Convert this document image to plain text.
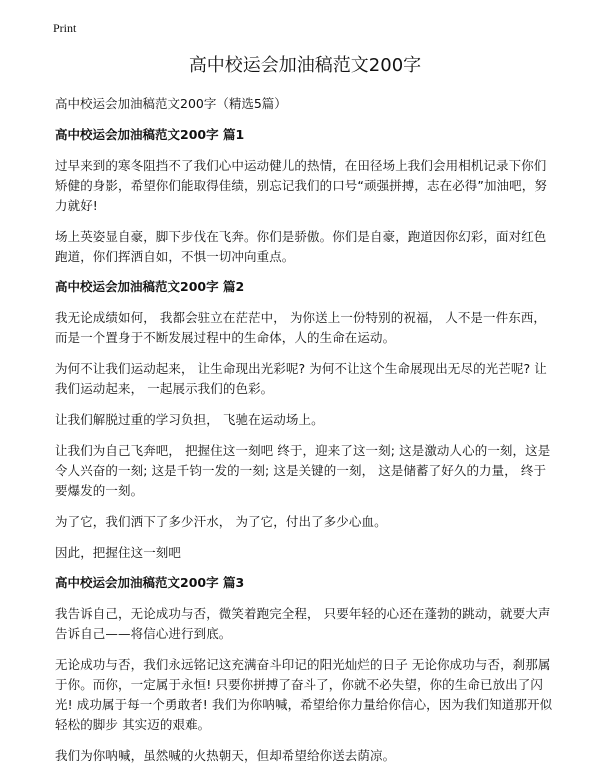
Print
高中校运会加油稿范文200字
高中校运会加油稿范文200字（精选5篇）
高中校运会加油稿范文200字 篇1

过早来到的寒冬阻挡不了我们心中运动健儿的热情，在田径场上我们会用相机记录下你们矫健的身影，希望你们能取得佳绩，别忘记我们的口号“顽强拼搏，志在必得”加油吧，努力就好!

场上英姿显自豪，脚下步伐在飞奔。你们是骄傲。你们是自豪，跑道因你幻彩，面对红色跑道，你们挥洒自如，不惧一切冲向重点。

高中校运会加油稿范文200字 篇2

我无论成绩如何， 我都会驻立在茫茫中， 为你送上一份特别的祝福， 人不是一件东西， 而是一个置身于不断发展过程中的生命体，人的生命在运动。

为何不让我们运动起来， 让生命现出光彩呢? 为何不让这个生命展现出无尽的光芒呢? 让我们运动起来， 一起展示我们的色彩。

让我们解脱过重的学习负担， 飞驰在运动场上。

让我们为自己飞奔吧， 把握住这一刻吧 终于，迎来了这一刻; 这是激动人心的一刻，这是令人兴奋的一刻; 这是千钧一发的一刻; 这是关键的一刻， 这是储蓄了好久的力量， 终于要爆发的一刻。

为了它，我们洒下了多少汗水， 为了它，付出了多少心血。

因此，把握住这一刻吧

高中校运会加油稿范文200字 篇3

我告诉自己，无论成功与否，微笑着跑完全程， 只要年轻的心还在蓬勃的跳动，就要大声告诉自己——将信心进行到底。

无论成功与否，我们永远铭记这充满奋斗印记的阳光灿烂的日子 无论你成功与否，刹那属于你。而你，一定属于永恒! 只要你拼搏了奋斗了，你就不必失望，你的生命已放出了闪光! 成功属于每一个勇敢者! 我们为你呐喊，希望给你力量给你信心，因为我们知道那开似轻松的脚步 其实迈的艰难。

我们为你呐喊，虽然喊的火热朝天，但却希望给你送去荫凉。
